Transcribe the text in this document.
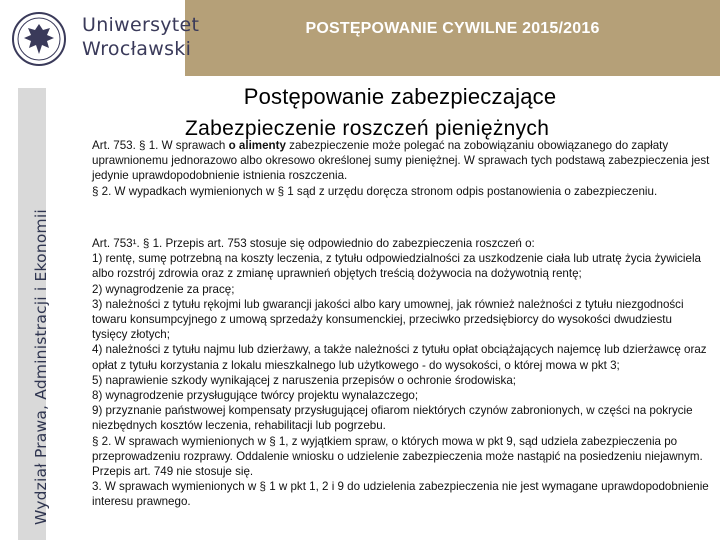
POSTĘPOWANIE CYWILNE 2015/2016
Uniwersytet
Wrocławski
Wydział Prawa, Administracji i Ekonomii
Postępowanie zabezpieczające
Zabezpieczenie roszczeń pieniężnych

Art. 753. § 1. W sprawach o alimenty zabezpieczenie może polegać na zobowiązaniu obowiązanego do zapłaty uprawnionemu jednorazowo albo okresowo określonej sumy pieniężnej. W sprawach tych podstawą zabezpieczenia jest jedynie uprawdopodobnienie istnienia roszczenia.

§ 2. W wypadkach wymienionych w § 1 sąd z urzędu doręcza stronom odpis postanowienia o zabezpieczeniu.

Art. 753¹. § 1. Przepis art. 753 stosuje się odpowiednio do zabezpieczenia roszczeń o:

1) rentę, sumę potrzebną na koszty leczenia, z tytułu odpowiedzialności za uszkodzenie ciała lub utratę życia żywiciela albo rozstrój zdrowia oraz z zmianę uprawnień objętych treścią dożywocia na dożywotnią rentę;

2) wynagrodzenie za pracę;

3) należności z tytułu rękojmi lub gwarancji jakości albo kary umownej, jak również należności z tytułu niezgodności towaru konsumpcyjnego z umową sprzedaży konsumenckiej, przeciwko przedsiębiorcy do wysokości dwudziestu tysięcy złotych;

4) należności z tytułu najmu lub dzierżawy, a także należności z tytułu opłat obciążających najemcę lub dzierżawcę oraz opłat z tytułu korzystania z lokalu mieszkalnego lub użytkowego - do wysokości, o której mowa w pkt 3;

5) naprawienie szkody wynikającej z naruszenia przepisów o ochronie środowiska;

8) wynagrodzenie przysługujące twórcy projektu wynalazczego;

9) przyznanie państwowej kompensaty przysługującej ofiarom niektórych czynów zabronionych, w części na pokrycie niezbędnych kosztów leczenia, rehabilitacji lub pogrzebu.

§ 2. W sprawach wymienionych w § 1, z wyjątkiem spraw, o których mowa w pkt 9, sąd udziela zabezpieczenia po przeprowadzeniu rozprawy. Oddalenie wniosku o udzielenie zabezpieczenia może nastąpić na posiedzeniu niejawnym. Przepis art. 749 nie stosuje się.

3. W sprawach wymienionych w § 1 w pkt 1, 2 i 9 do udzielenia zabezpieczenia nie jest wymagane uprawdopodobnienie interesu prawnego.
